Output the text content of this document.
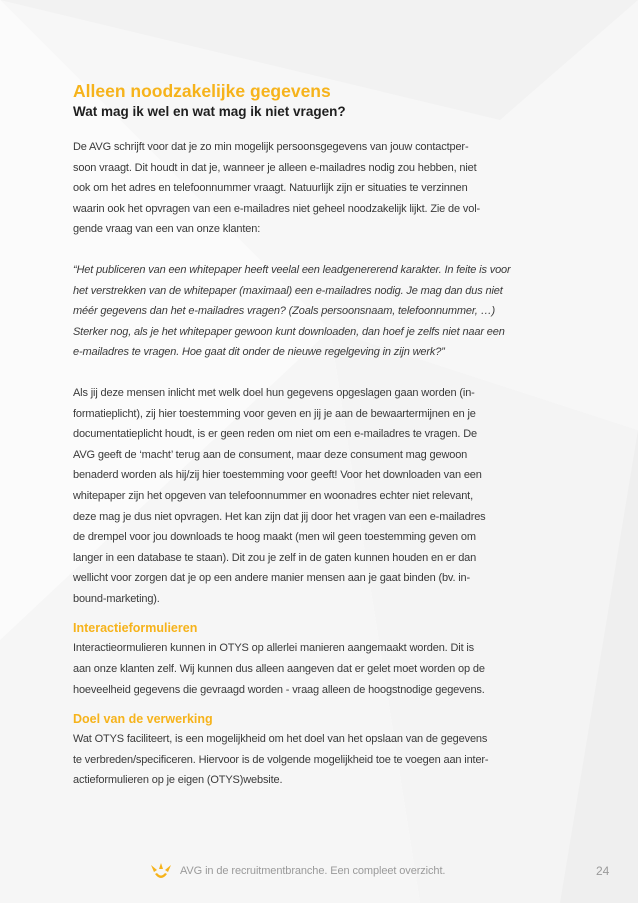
Alleen noodzakelijke gegevens
Wat mag ik wel en wat mag ik niet vragen?

De AVG schrijft voor dat je zo min mogelijk persoonsgegevens van jouw contactper-
soon vraagt. Dit houdt in dat je, wanneer je alleen e-mailadres nodig zou hebben, niet
ook om het adres en telefoonnummer vraagt. Natuurlijk zijn er situaties te verzinnen
waarin ook het opvragen van een e-mailadres niet geheel noodzakelijk lijkt. Zie de vol-
gende vraag van een van onze klanten:

“Het publiceren van een whitepaper heeft veelal een leadgenererend karakter. In feite is voor
het verstrekken van de whitepaper (maximaal) een e-mailadres nodig. Je mag dan dus niet
méér gegevens dan het e-mailadres vragen? (Zoals persoonsnaam, telefoonnummer, …)
Sterker nog, als je het whitepaper gewoon kunt downloaden, dan hoef je zelfs niet naar een
e-mailadres te vragen. Hoe gaat dit onder de nieuwe regelgeving in zijn werk?”

Als jij deze mensen inlicht met welk doel hun gegevens opgeslagen gaan worden (in-
formatieplicht), zij hier toestemming voor geven en jij je aan de bewaartermijnen en je
documentatieplicht houdt, is er geen reden om niet om een e-mailadres te vragen. De
AVG geeft de ‘macht’ terug aan de consument, maar deze consument mag gewoon
benaderd worden als hij/zij hier toestemming voor geeft! Voor het downloaden van een
whitepaper zijn het opgeven van telefoonnummer en woonadres echter niet relevant,
deze mag je dus niet opvragen. Het kan zijn dat jij door het vragen van een e-mailadres
de drempel voor jou downloads te hoog maakt (men wil geen toestemming geven om
langer in een database te staan). Dit zou je zelf in de gaten kunnen houden en er dan
wellicht voor zorgen dat je op een andere manier mensen aan je gaat binden (bv. in-
bound-marketing).

Interactieformulieren

Interactieormulieren kunnen in OTYS op allerlei manieren aangemaakt worden. Dit is
aan onze klanten zelf. Wij kunnen dus alleen aangeven dat er gelet moet worden op de
hoeveelheid gegevens die gevraagd worden - vraag alleen de hoogstnodige gegevens.

Doel van de verwerking

Wat OTYS faciliteert, is een mogelijkheid om het doel van het opslaan van de gegevens
te verbreden/specificeren. Hiervoor is de volgende mogelijkheid toe te voegen aan inter-
actieformulieren op je eigen (OTYS)website.

AVG in de recruitmentbranche. Een compleet overzicht.	24
